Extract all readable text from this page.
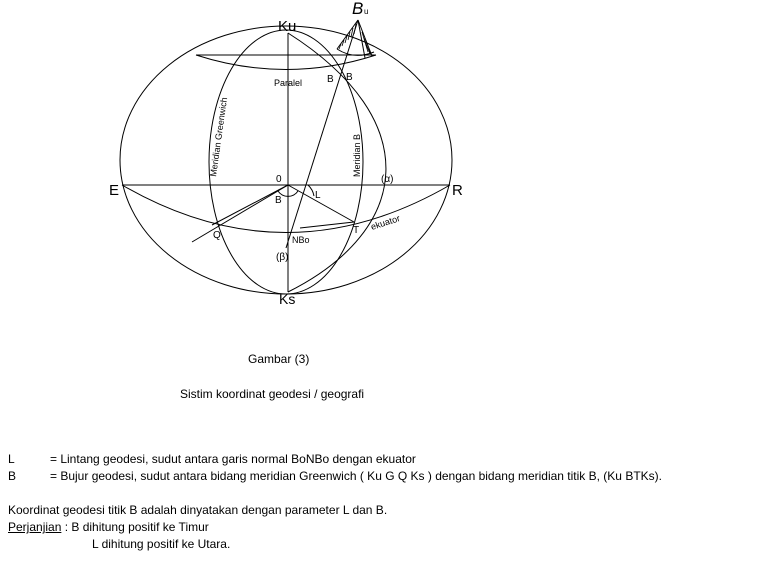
Ku
Ks
E	R
B u
B B
Paralel
Meridian Greenwich	Meridian B
0
B	L
(α)
(β)
NBo
Q	T ekuator
Gambar (3)
Sistim koordinat geodesi / geografi
L	= Lintang geodesi, sudut antara garis normal BoNBo dengan ekuator
B	= Bujur geodesi, sudut antara bidang meridian Greenwich ( Ku G Q Ks ) dengan bidang meridian titik B, (Ku BTKs).
Koordinat geodesi titik B adalah dinyatakan dengan parameter L dan B.
Perjanjian : B dihitung positif ke Timur
L dihitung positif ke Utara.
